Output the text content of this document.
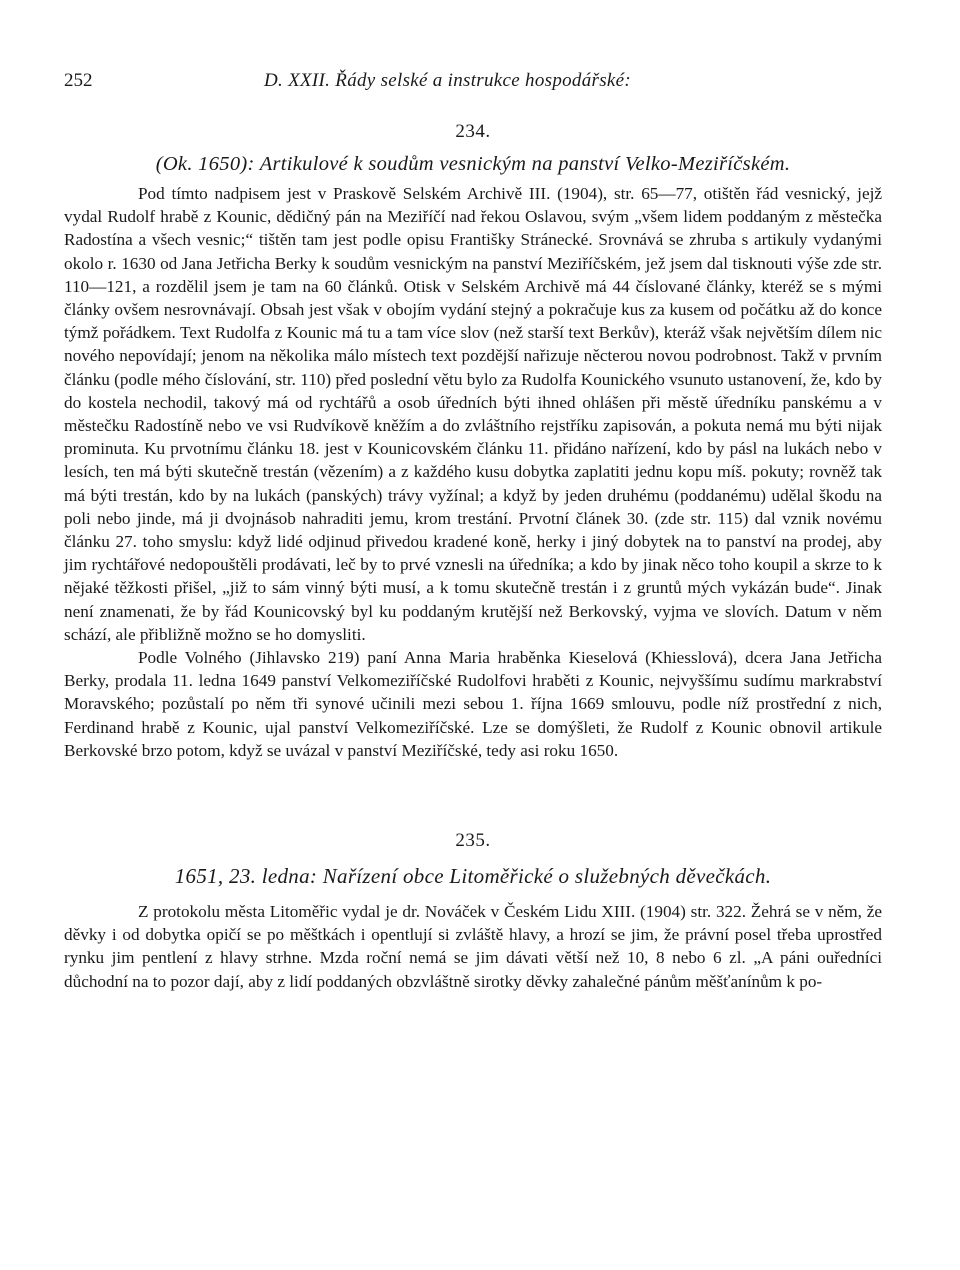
252	D. XXII. Řády selské a instrukce hospodářské:
234.
(Ok. 1650): Artikulové k soudům vesnickým na panství Velko-Meziříčském.

Pod tímto nadpisem jest v Praskově Selském Archivě III. (1904), str. 65—77, otištěn řád vesnický, jejž vydal Rudolf hrabě z Kounic, dědičný pán na Meziříčí nad řekou Oslavou, svým „všem lidem poddaným z městečka Radostína a všech vesnic;“ tištěn tam jest podle opisu Františky Stránecké. Srovnává se zhruba s artikuly vydanými okolo r. 1630 od Jana Jetřicha Berky k soudům vesnickým na panství Meziříčském, jež jsem dal tisknouti výše zde str. 110—121, a rozdělil jsem je tam na 60 článků. Otisk v Selském Archivě má 44 číslované články, kteréž se s mými články ovšem nesrovnávají. Obsah jest však v obojím vydání stejný a pokračuje kus za kusem od počátku až do konce týmž pořádkem. Text Rudolfa z Kounic má tu a tam více slov (než starší text Berkův), kteráž však největším dílem nic nového nepovídají; jenom na několika málo místech text pozdější nařizuje něcterou novou podrobnost. Takž v prvním článku (podle mého číslování, str. 110) před poslední větu bylo za Rudolfa Kounického vsunuto ustanovení, že, kdo by do kostela nechodil, takový má od rychtářů a osob úředních býti ihned ohlášen při městě úředníku panskému a v městečku Radostíně nebo ve vsi Rudvíkově kněžím a do zvláštního rejstříku zapisován, a pokuta nemá mu býti nijak prominuta. Ku prvotnímu článku 18. jest v Kounicovském článku 11. přidáno nařízení, kdo by pásl na lukách nebo v lesích, ten má býti skutečně trestán (vězením) a z každého kusu dobytka zaplatiti jednu kopu míš. pokuty; rovněž tak má býti trestán, kdo by na lukách (panských) trávy vyžínal; a když by jeden druhému (poddanému) udělal škodu na poli nebo jinde, má ji dvojnásob nahraditi jemu, krom trestání. Prvotní článek 30. (zde str. 115) dal vznik novému článku 27. toho smyslu: když lidé odjinud přivedou kradené koně, herky i jiný dobytek na to panství na prodej, aby jim rychtářové nedopouštěli prodávati, leč by to prvé vznesli na úředníka; a kdo by jinak něco toho koupil a skrze to k nějaké těžkosti přišel, „již to sám vinný býti musí, a k tomu skutečně trestán i z gruntů mých vykázán bude“. Jinak není znamenati, že by řád Kounicovský byl ku poddaným krutější než Berkovský, vyjma ve slovích. Datum v něm schází, ale přibližně možno se ho domysliti.

Podle Volného (Jihlavsko 219) paní Anna Maria hraběnka Kieselová (Khiesslová), dcera Jana Jetřicha Berky, prodala 11. ledna 1649 panství Velkomeziříčské Rudolfovi hraběti z Kounic, nejvyššímu sudímu markrabství Moravského; pozůstalí po něm tři synové učinili mezi sebou 1. října 1669 smlouvu, podle níž prostřední z nich, Ferdinand hrabě z Kounic, ujal panství Velkomeziříčské. Lze se domýšleti, že Rudolf z Kounic obnovil artikule Berkovské brzo potom, když se uvázal v panství Meziříčské, tedy asi roku 1650.

235.
1651, 23. ledna: Nařízení obce Litoměřické o služebných děvečkách.

Z protokolu města Litoměřic vydal je dr. Nováček v Českém Lidu XIII. (1904) str. 322. Žehrá se v něm, že děvky i od dobytka opičí se po měštkách i opentlují si zvláště hlavy, a hrozí se jim, že právní posel třeba uprostřed rynku jim pentlení z hlavy strhne. Mzda roční nemá se jim dávati větší než 10, 8 nebo 6 zl. „A páni ouředníci důchodní na to pozor dají, aby z lidí poddaných obzvláštně sirotky děvky zahalečné pánům měšťanínům k po-
